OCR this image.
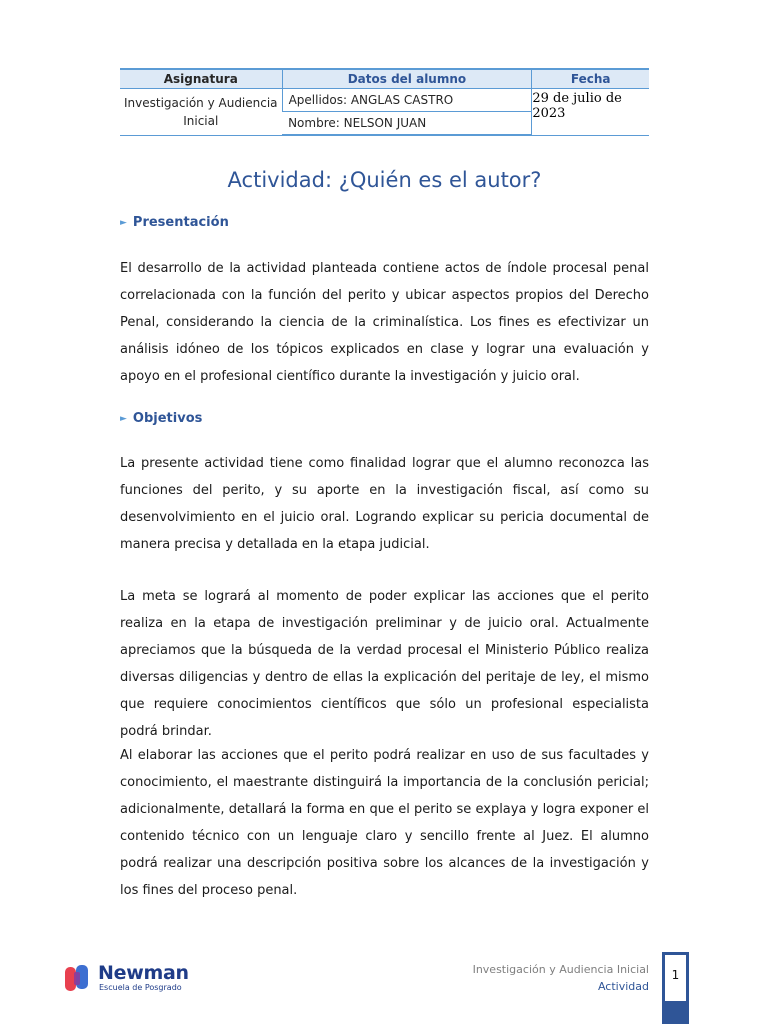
Asignatura	Datos del alumno	Fecha
Investigación y Audiencia Inicial	Apellidos: ANGLAS CASTRO	29 de julio de 2023
	Nombre: NELSON JUAN	
Actividad: ¿Quién es el autor?
► Presentación

El desarrollo de la actividad planteada contiene actos de índole procesal penal correlacionada con la función del perito y ubicar aspectos propios del Derecho Penal, considerando la ciencia de la criminalística. Los fines es efectivizar un análisis idóneo de los tópicos explicados en clase y lograr una evaluación y apoyo en el profesional científico durante la investigación y juicio oral.

► Objetivos

La presente actividad tiene como finalidad lograr que el alumno reconozca las funciones del perito, y su aporte en la investigación fiscal, así como su desenvolvimiento en el juicio oral. Logrando explicar su pericia documental de manera precisa y detallada en la etapa judicial.

La meta se logrará al momento de poder explicar las acciones que el perito realiza en la etapa de investigación preliminar y de juicio oral. Actualmente apreciamos que la búsqueda de la verdad procesal el Ministerio Público realiza diversas diligencias y dentro de ellas la explicación del peritaje de ley, el mismo que requiere conocimientos científicos que sólo un profesional especialista podrá brindar.

Al elaborar las acciones que el perito podrá realizar en uso de sus facultades y conocimiento, el maestrante distinguirá la importancia de la conclusión pericial; adicionalmente, detallará la forma en que el perito se explaya y logra exponer el contenido técnico con un lenguaje claro y sencillo frente al Juez. El alumno podrá realizar una descripción positiva sobre los alcances de la investigación y los fines del proceso penal.

Newman
Escuela de Posgrado
Investigación y Audiencia Inicial
Actividad
1
